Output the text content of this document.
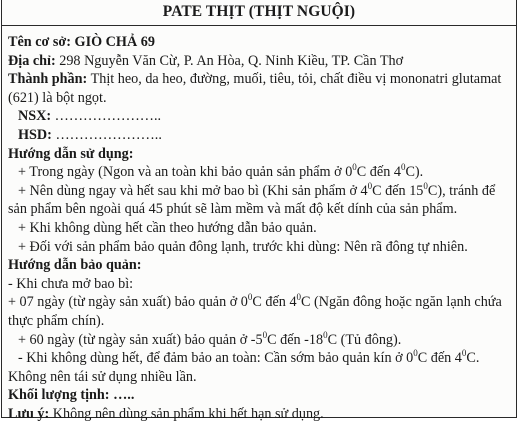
PATE THỊT (THỊT NGUỘI)
Tên cơ sở: GIÒ CHẢ 69
Địa chỉ: 298 Nguyễn Văn Cừ, P. An Hòa, Q. Ninh Kiều, TP. Cần Thơ
Thành phần: Thịt heo, da heo, đường, muối, tiêu, tỏi, chất điều vị mononatri glutamat (621) là bột ngọt.
NSX: …………………..
HSD: …………………..
Hướng dẫn sử dụng:
+ Trong ngày (Ngon và an toàn khi bảo quản sản phẩm ở $0^0C$ đến $4^0C$).
+ Nên dùng ngay và hết sau khi mở bao bì (Khi sản phẩm ở $4^0C$ đến $15^0C$), tránh để sản phẩm bên ngoài quá 45 phút sẽ làm mềm và mất độ kết dính của sản phẩm.
+ Khi không dùng hết cần theo hướng dẫn bảo quản.
+ Đối với sản phẩm bảo quản đông lạnh, trước khi dùng: Nên rã đông tự nhiên.
Hướng dẫn bảo quản:
- Khi chưa mở bao bì:
+ 07 ngày (từ ngày sản xuất) bảo quản ở $0^0C$ đến $4^0C$ (Ngăn đông hoặc ngăn lạnh chứa thực phẩm chín).
+ 60 ngày (từ ngày sản xuất) bảo quản ở $-5^0C$ đến $-18^0C$ (Tủ đông).
- Khi không dùng hết, để đảm bảo an toàn: Cần sớm bảo quản kín ở $0^0C$ đến $4^0C$. Không nên tái sử dụng nhiều lần.
Khối lượng tịnh: …..
Lưu ý: Không nên dùng sản phẩm khi hết hạn sử dụng.
